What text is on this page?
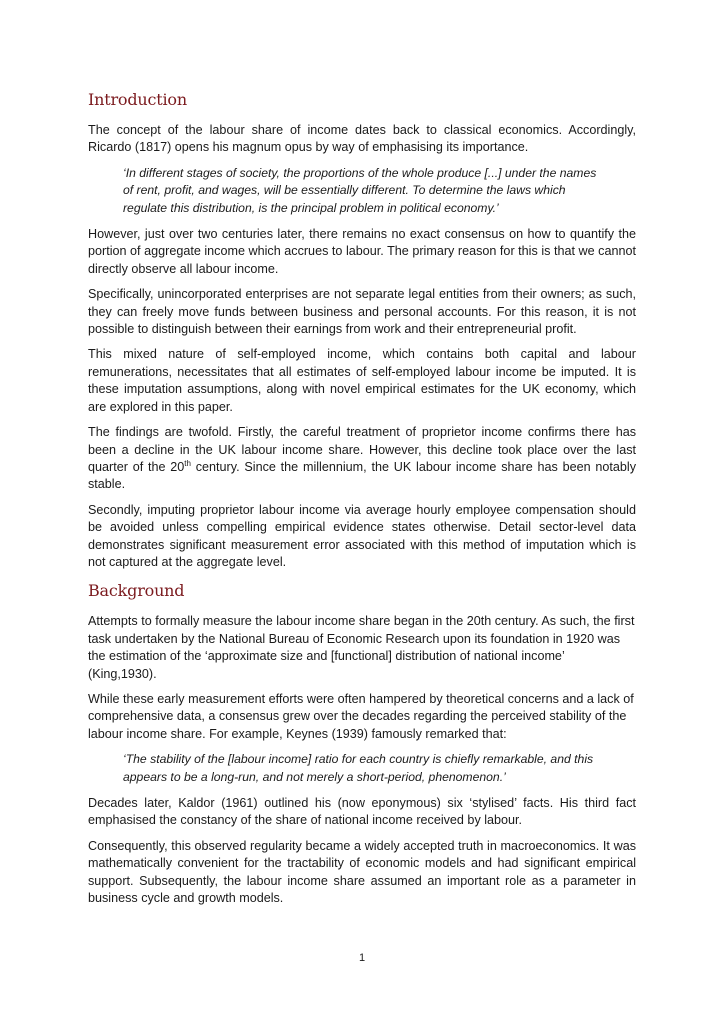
Introduction

The concept of the labour share of income dates back to classical economics. Accordingly, Ricardo (1817) opens his magnum opus by way of emphasising its importance.

‘In different stages of society, the proportions of the whole produce [...] under the names of rent, profit, and wages, will be essentially different. To determine the laws which regulate this distribution, is the principal problem in political economy.’

However, just over two centuries later, there remains no exact consensus on how to quantify the portion of aggregate income which accrues to labour. The primary reason for this is that we cannot directly observe all labour income.

Specifically, unincorporated enterprises are not separate legal entities from their owners; as such, they can freely move funds between business and personal accounts. For this reason, it is not possible to distinguish between their earnings from work and their entrepreneurial profit.

This mixed nature of self-employed income, which contains both capital and labour remunerations, necessitates that all estimates of self-employed labour income be imputed. It is these imputation assumptions, along with novel empirical estimates for the UK economy, which are explored in this paper.

The findings are twofold. Firstly, the careful treatment of proprietor income confirms there has been a decline in the UK labour income share. However, this decline took place over the last quarter of the 20th century. Since the millennium, the UK labour income share has been notably stable.

Secondly, imputing proprietor labour income via average hourly employee compensation should be avoided unless compelling empirical evidence states otherwise. Detail sector-level data demonstrates significant measurement error associated with this method of imputation which is not captured at the aggregate level.

Background

Attempts to formally measure the labour income share began in the 20th century. As such, the first task undertaken by the National Bureau of Economic Research upon its foundation in 1920 was the estimation of the ‘approximate size and [functional] distribution of national income’ (King,1930).

While these early measurement efforts were often hampered by theoretical concerns and a lack of comprehensive data, a consensus grew over the decades regarding the perceived stability of the labour income share. For example, Keynes (1939) famously remarked that:

‘The stability of the [labour income] ratio for each country is chiefly remarkable, and this appears to be a long-run, and not merely a short-period, phenomenon.’

Decades later, Kaldor (1961) outlined his (now eponymous) six ‘stylised’ facts. His third fact emphasised the constancy of the share of national income received by labour.

Consequently, this observed regularity became a widely accepted truth in macroeconomics. It was mathematically convenient for the tractability of economic models and had significant empirical support. Subsequently, the labour income share assumed an important role as a parameter in business cycle and growth models.

1
